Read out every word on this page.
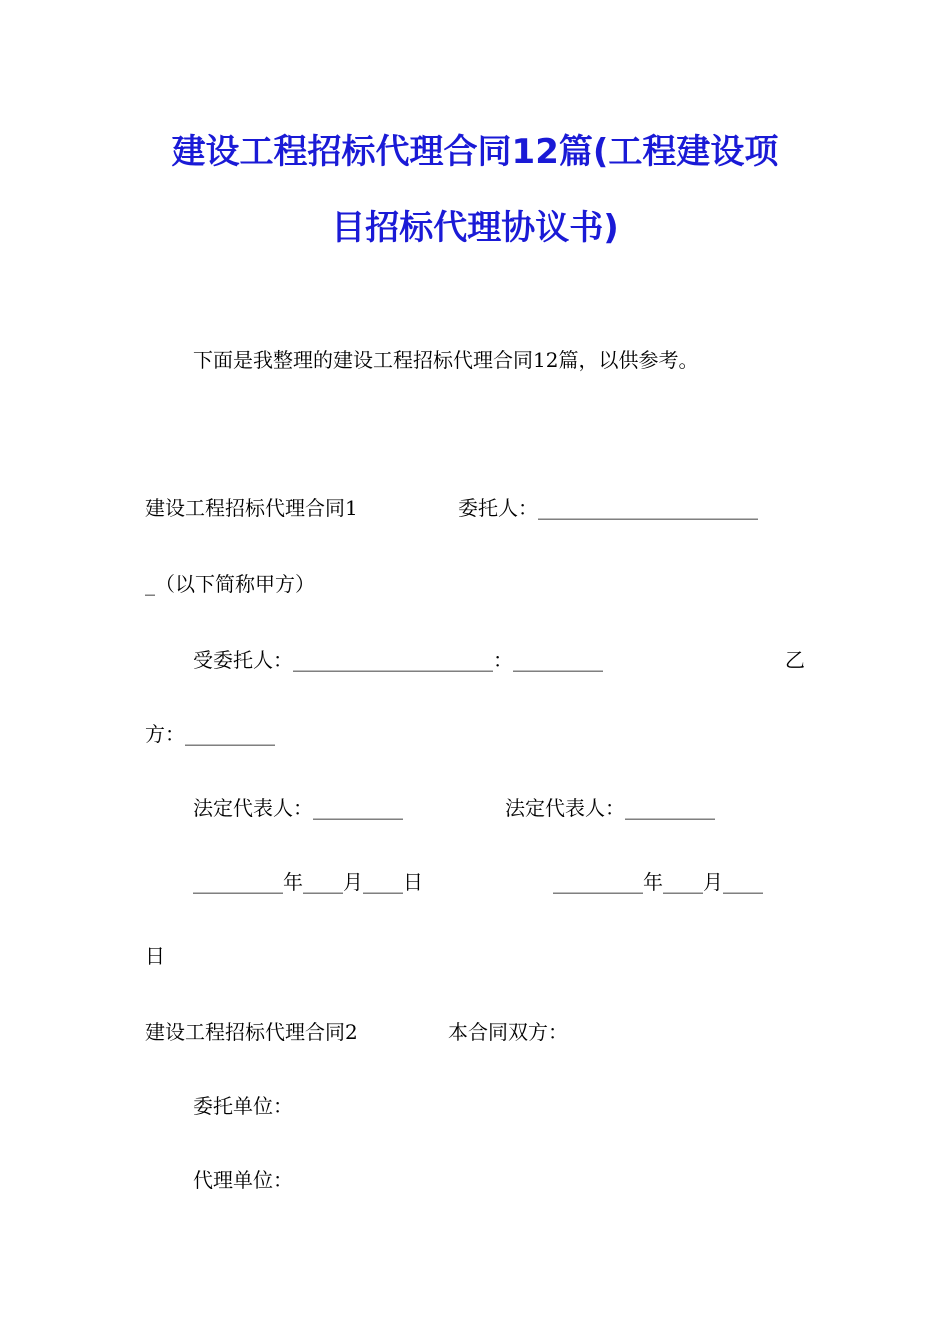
建设工程招标代理合同12篇(工程建设项
目招标代理协议书)
下面是我整理的建设工程招标代理合同12篇，以供参考。
建设工程招标代理合同1	委托人：______________________
_（以下简称甲方）
受委托人：____________________：_________	乙
方：_________
法定代表人：_________	法定代表人：_________
_________年____月____日	_________年____月____
日
建设工程招标代理合同2	本合同双方：
委托单位：
代理单位：
